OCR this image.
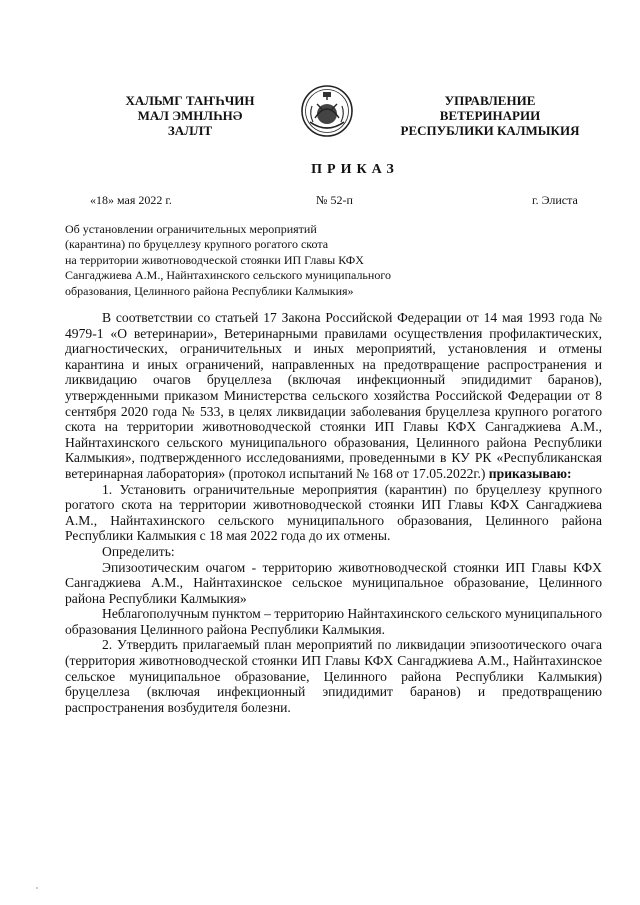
ХАЛЬМГ ТАҤҺЧИН
МАЛ ЭМНЛҺНӘ
ЗАЛЛТ
УПРАВЛЕНИЕ
ВЕТЕРИНАРИИ
РЕСПУБЛИКИ КАЛМЫКИЯ
ПРИКАЗ
«18» мая 2022 г.	№ 52-п	г. Элиста
Об установлении ограничительных мероприятий
(карантина) по бруцеллезу крупного рогатого скота
на территории животноводческой стоянки ИП Главы КФХ
Сангаджиева А.М., Найнтахинского сельского муниципального
образования, Целинного района Республики Калмыкия»

В соответствии со статьей 17 Закона Российской Федерации от 14 мая 1993 года № 4979-1 «О ветеринарии», Ветеринарными правилами осуществления профилактических, диагностических, ограничительных и иных мероприятий, установления и отмены карантина и иных ограничений, направленных на предотвращение распространения и ликвидацию очагов бруцеллеза (включая инфекционный эпидидимит баранов), утвержденными приказом Министерства сельского хозяйства Российской Федерации от 8 сентября 2020 года № 533, в целях ликвидации заболевания бруцеллеза крупного рогатого скота на территории животноводческой стоянки ИП Главы КФХ Сангаджиева А.М., Найнтахинского сельского муниципального образования, Целинного района Республики Калмыкия», подтвержденного исследованиями, проведенными в КУ РК «Республиканская ветеринарная лаборатория» (протокол испытаний № 168 от 17.05.2022г.) приказываю:

1. Установить ограничительные мероприятия (карантин) по бруцеллезу крупного рогатого скота на территории животноводческой стоянки ИП Главы КФХ Сангаджиева А.М., Найнтахинского сельского муниципального образования, Целинного района Республики Калмыкия с 18 мая 2022 года до их отмены.

Определить:

Эпизоотическим очагом - территорию животноводческой стоянки ИП Главы КФХ Сангаджиева А.М., Найнтахинское сельское муниципальное образование, Целинного района Республики Калмыкия»

Неблагополучным пунктом – территорию Найнтахинского сельского муниципального образования Целинного района Республики Калмыкия.

2. Утвердить прилагаемый план мероприятий по ликвидации эпизоотического очага (территория животноводческой стоянки ИП Главы КФХ Сангаджиева А.М., Найнтахинское сельское муниципальное образование, Целинного района Республики Калмыкия) бруцеллеза (включая инфекционный эпидидимит баранов) и предотвращению распространения возбудителя болезни.
